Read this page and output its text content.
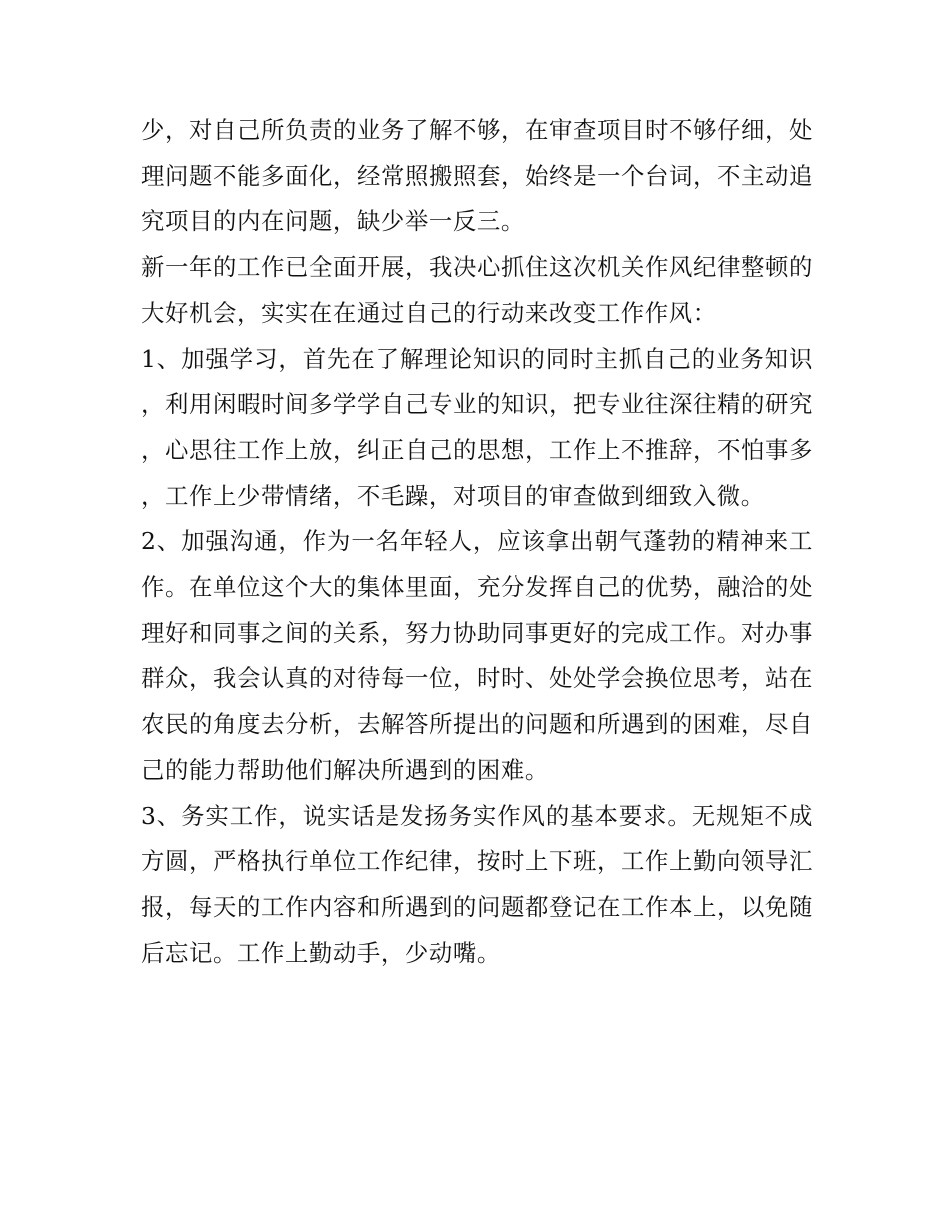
少，对自己所负责的业务了解不够，在审查项目时不够仔细，处理问题不能多面化，经常照搬照套，始终是一个台词，不主动追究项目的内在问题，缺少举一反三。

新一年的工作已全面开展，我决心抓住这次机关作风纪律整顿的大好机会，实实在在通过自己的行动来改变工作作风：

1、加强学习，首先在了解理论知识的同时主抓自己的业务知识，利用闲暇时间多学学自己专业的知识，把专业往深往精的研究，心思往工作上放，纠正自己的思想，工作上不推辞，不怕事多，工作上少带情绪，不毛躁，对项目的审查做到细致入微。

2、加强沟通，作为一名年轻人，应该拿出朝气蓬勃的精神来工作。在单位这个大的集体里面，充分发挥自己的优势，融洽的处理好和同事之间的关系，努力协助同事更好的完成工作。对办事群众，我会认真的对待每一位，时时、处处学会换位思考，站在农民的角度去分析，去解答所提出的问题和所遇到的困难，尽自己的能力帮助他们解决所遇到的困难。

3、务实工作，说实话是发扬务实作风的基本要求。无规矩不成方圆，严格执行单位工作纪律，按时上下班，工作上勤向领导汇报，每天的工作内容和所遇到的问题都登记在工作本上，以免随后忘记。工作上勤动手，少动嘴。
